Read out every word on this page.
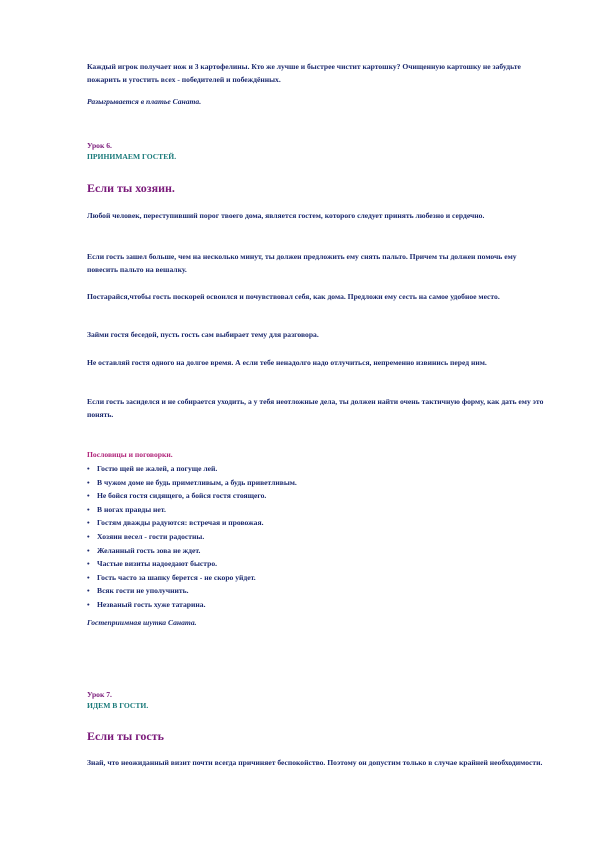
Каждый игрок получает нож и 3 картофелины. Кто же лучше и быстрее чистит картошку? Очищенную картошку не забудьте пожарить и угостить всех - победителей и побеждённых.

Разыгрывается в платье Саната.

Урок 6.

ПРИНИМАЕМ ГОСТЕЙ.

Если ты хозяин.

Любой человек, переступивший порог твоего дома, является гостем, которого следует принять любезно и сердечно.

Если гость зашел больше, чем на несколько минут, ты должен предложить ему снять пальто. Причем ты должен помочь ему повесить пальто на вешалку.

Постарайся,чтобы гость поскорей освоился и почувствовал себя, как дома. Предложи ему сесть на самое удобное место.

Займи гостя беседой, пусть гость сам выбирает тему для разговора.

Не оставляй гостя одного на долгое время. А если тебе ненадолго надо отлучиться, непременно извинись перед ним.

Если гость засиделся и не собирается уходить, а у тебя неотложные дела, ты должен найти очень тактичную форму, как дать ему это понять.

Пословицы и поговорки.

• Гостю щей не жалей, а погуще лей.
• В чужом доме не будь приметливым, а будь приветливым.
• Не бойся гостя сидящего, а бойся гостя стоящего.
• В ногах правды нет.
• Гостям дважды радуются: встречая и провожая.
• Хозяин весел - гости радостны.
• Желанный гость зова не ждет.
• Частые визиты надоедают быстро.
• Гость часто за шапку берется - не скоро уйдет.
• Всяк гости не уполучнить.
• Незваный гость хуже татарина.

Гостеприимная шутка Саната.

Урок 7.

ИДЕМ В ГОСТИ.

Если ты гость

Знай, что неожиданный визит почти всегда причиняет беспокойство. Поэтому он допустим только в случае крайней необходимости.
